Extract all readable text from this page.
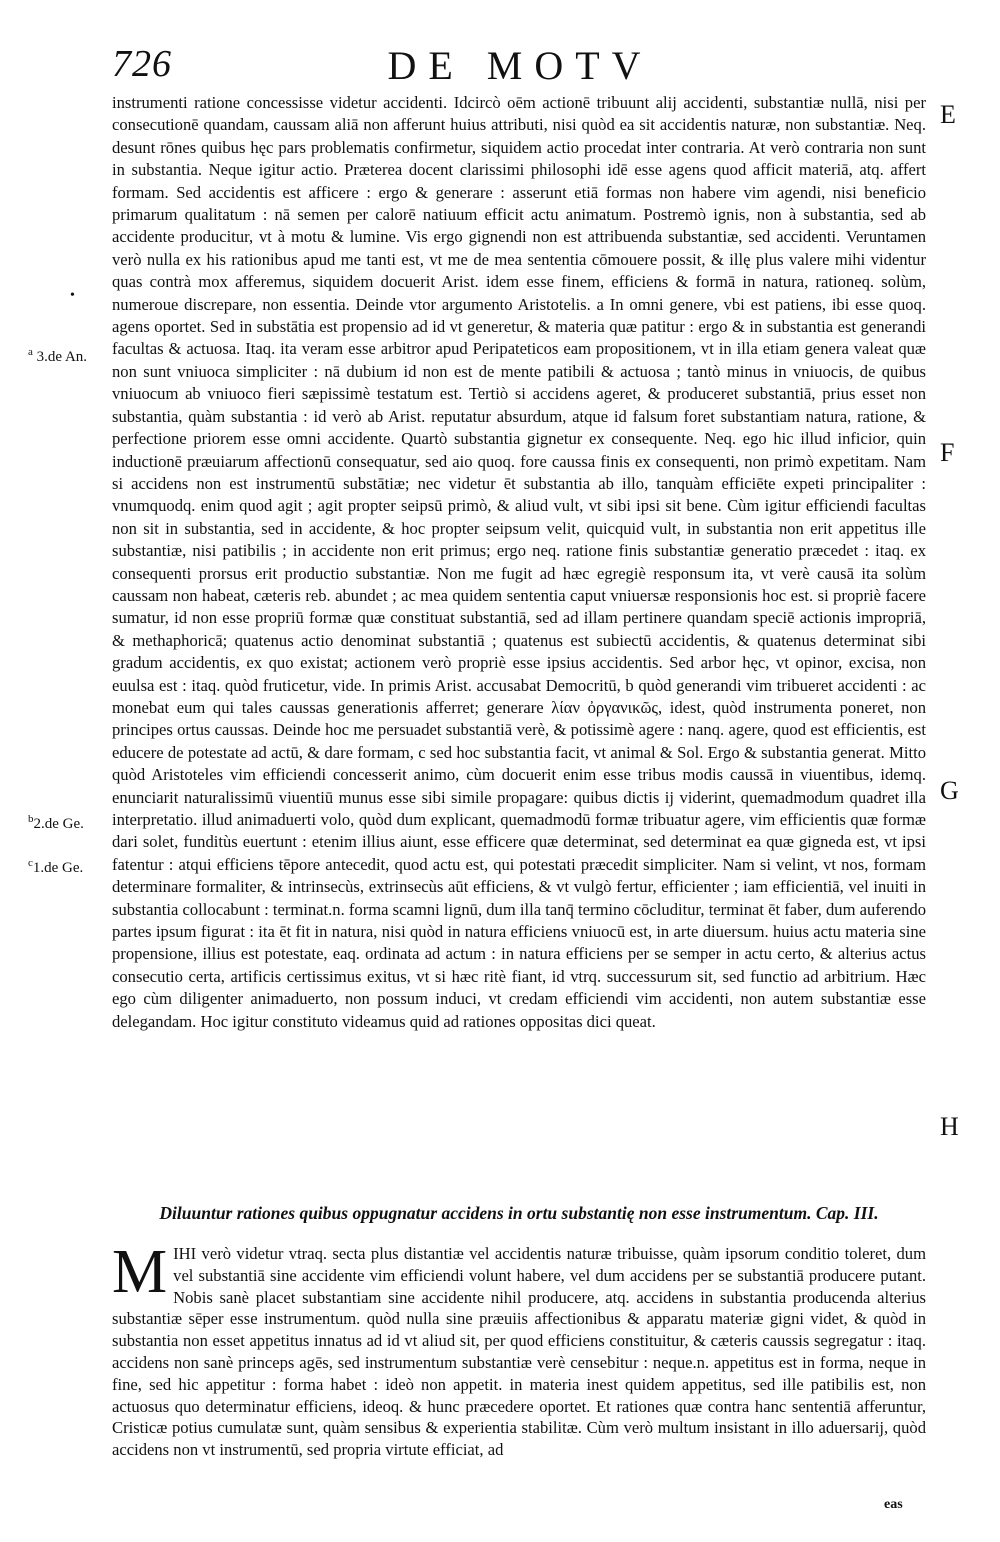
726	DE MOTV
•
$^a$ 3.de An.
$^b$2.de Ge.
$^c$1.de Ge.
E
F
G
H

instrumenti ratione concessisse videtur accidenti. Idcircò oēm actionē tribuunt alij accidenti, substantiæ nullā, nisi per consecutionē quandam, caussam aliā non afferunt huius attributi, nisi quòd ea sit accidentis naturæ, non substantiæ. Neq. desunt rōnes quibus hęc pars problematis confirmetur, siquidem actio procedat inter contraria. At verò contraria non sunt in substantia. Neque igitur actio. Præterea docent clarissimi philosophi idē esse agens quod afficit materiā, atq. affert formam. Sed accidentis est afficere : ergo & generare : asserunt etiā formas non habere vim agendi, nisi beneficio primarum qualitatum : nā semen per calorē natiuum efficit actu animatum. Postremò ignis, non à substantia, sed ab accidente producitur, vt à motu & lumine. Vis ergo gignendi non est attribuenda substantiæ, sed accidenti. Veruntamen verò nulla ex his rationibus apud me tanti est, vt me de mea sententia cōmouere possit, & illę plus valere mihi videntur quas contrà mox afferemus, siquidem docuerit Arist. idem esse finem, efficiens & formā in natura, rationeq. solùm, numeroue discrepare, non essentia. Deinde vtor argumento Aristotelis. a In omni genere, vbi est patiens, ibi esse quoq. agens oportet. Sed in substātia est propensio ad id vt generetur, & materia quæ patitur : ergo & in substantia est generandi facultas & actuosa. Itaq. ita veram esse arbitror apud Peripateticos eam propositionem, vt in illa etiam genera valeat quæ non sunt vniuoca simpliciter : nā dubium id non est de mente patibili & actuosa ; tantò minus in vniuocis, de quibus vniuocum ab vniuoco fieri sæpissimè testatum est. Tertiò si accidens ageret, & produceret substantiā, prius esset non substantia, quàm substantia : id verò ab Arist. reputatur absurdum, atque id falsum foret substantiam natura, ratione, & perfectione priorem esse omni accidente. Quartò substantia gignetur ex consequente. Neq. ego hic illud inficior, quin inductionē præuiarum affectionū consequatur, sed aio quoq. fore caussa finis ex consequenti, non primò expetitam. Nam si accidens non est instrumentū substātiæ; nec videtur ēt substantia ab illo, tanquàm efficiēte expeti principaliter : vnumquodq. enim quod agit ; agit propter seipsū primò, & aliud vult, vt sibi ipsi sit bene. Cùm igitur efficiendi facultas non sit in substantia, sed in accidente, & hoc propter seipsum velit, quicquid vult, in substantia non erit appetitus ille substantiæ, nisi patibilis ; in accidente non erit primus; ergo neq. ratione finis substantiæ generatio præcedet : itaq. ex consequenti prorsus erit productio substantiæ. Non me fugit ad hæc egregiè responsum ita, vt verè causā ita solùm caussam non habeat, cæteris reb. abundet ; ac mea quidem sententia caput vniuersæ responsionis hoc est. si propriè facere sumatur, id non esse propriū formæ quæ constituat substantiā, sed ad illam pertinere quandam speciē actionis impropriā, & methaphoricā; quatenus actio denominat substantiā ; quatenus est subiectū accidentis, & quatenus determinat sibi gradum accidentis, ex quo existat; actionem verò propriè esse ipsius accidentis. Sed arbor hęc, vt opinor, excisa, non euulsa est : itaq. quòd fruticetur, vide. In primis Arist. accusabat Democritū, b quòd generandi vim tribueret accidenti : ac monebat eum qui tales caussas generationis afferret; generare λίαν ὀργανικῶς, idest, quòd instrumenta poneret, non principes ortus caussas. Deinde hoc me persuadet substantiā verè, & potissimè agere : nanq. agere, quod est efficientis, est educere de potestate ad actū, & dare formam, c sed hoc substantia facit, vt animal & Sol. Ergo & substantia generat. Mitto quòd Aristoteles vim efficiendi concesserit animo, cùm docuerit enim esse tribus modis caussā in viuentibus, idemq. enunciarit naturalissimū viuentiū munus esse sibi simile propagare: quibus dictis ij viderint, quemadmodum quadret illa interpretatio. illud animaduerti volo, quòd dum explicant, quemadmodū formæ tribuatur agere, vim efficientis quæ formæ dari solet, funditùs euertunt : etenim illius aiunt, esse efficere quæ determinat, sed determinat ea quæ gigneda est, vt ipsi fatentur : atqui efficiens tēpore antecedit, quod actu est, qui potestati præcedit simpliciter. Nam si velint, vt nos, formam determinare formaliter, & intrinsecùs, extrinsecùs aūt efficiens, & vt vulgò fertur, efficienter ; iam efficientiā, vel inuiti in substantia collocabunt : terminat.n. forma scamni lignū, dum illa tanq̄ termino cōcluditur, terminat ēt faber, dum auferendo partes ipsum figurat : ita ēt fit in natura, nisi quòd in natura efficiens vniuocū est, in arte diuersum. huius actu materia sine propensione, illius est potestate, eaq. ordinata ad actum : in natura efficiens per se semper in actu certo, & alterius actus consecutio certa, artificis certissimus exitus, vt si hæc ritè fiant, id vtrq. successurum sit, sed functio ad arbitrium. Hæc ego cùm diligenter animaduerto, non possum induci, vt credam efficiendi vim accidenti, non autem substantiæ esse delegandam. Hoc igitur constituto videamus quid ad rationes oppositas dici queat.

Diluuntur rationes quibus oppugnatur accidens in ortu substantię non esse instrumentum. Cap. III.
MIHI verò videtur vtraq. secta plus distantiæ vel accidentis naturæ tribuisse, quàm ipsorum conditio toleret, dum vel substantiā sine accidente vim efficiendi volunt habere, vel dum accidens per se substantiā producere putant. Nobis sanè placet substantiam sine accidente nihil producere, atq. accidens in substantia producenda alterius substantiæ sēper esse instrumentum. quòd nulla sine præuiis affectionibus & apparatu materiæ gigni videt, & quòd in substantia non esset appetitus innatus ad id vt aliud sit, per quod efficiens constituitur, & cæteris caussis segregatur : itaq. accidens non sanè princeps agēs, sed instrumentum substantiæ verè censebitur : neque.n. appetitus est in forma, neque in fine, sed hic appetitur : forma habet : ideò non appetit. in materia inest quidem appetitus, sed ille patibilis est, non actuosus quo determinatur efficiens, ideoq. & hunc præcedere oportet. Et rationes quæ contra hanc sententiā afferuntur, Cristicæ potius cumulatæ sunt, quàm sensibus & experientia stabilitæ. Cùm verò multum insistant in illo aduersarij, quòd accidens non vt instrumentū, sed propria virtute efficiat, ad
eas
